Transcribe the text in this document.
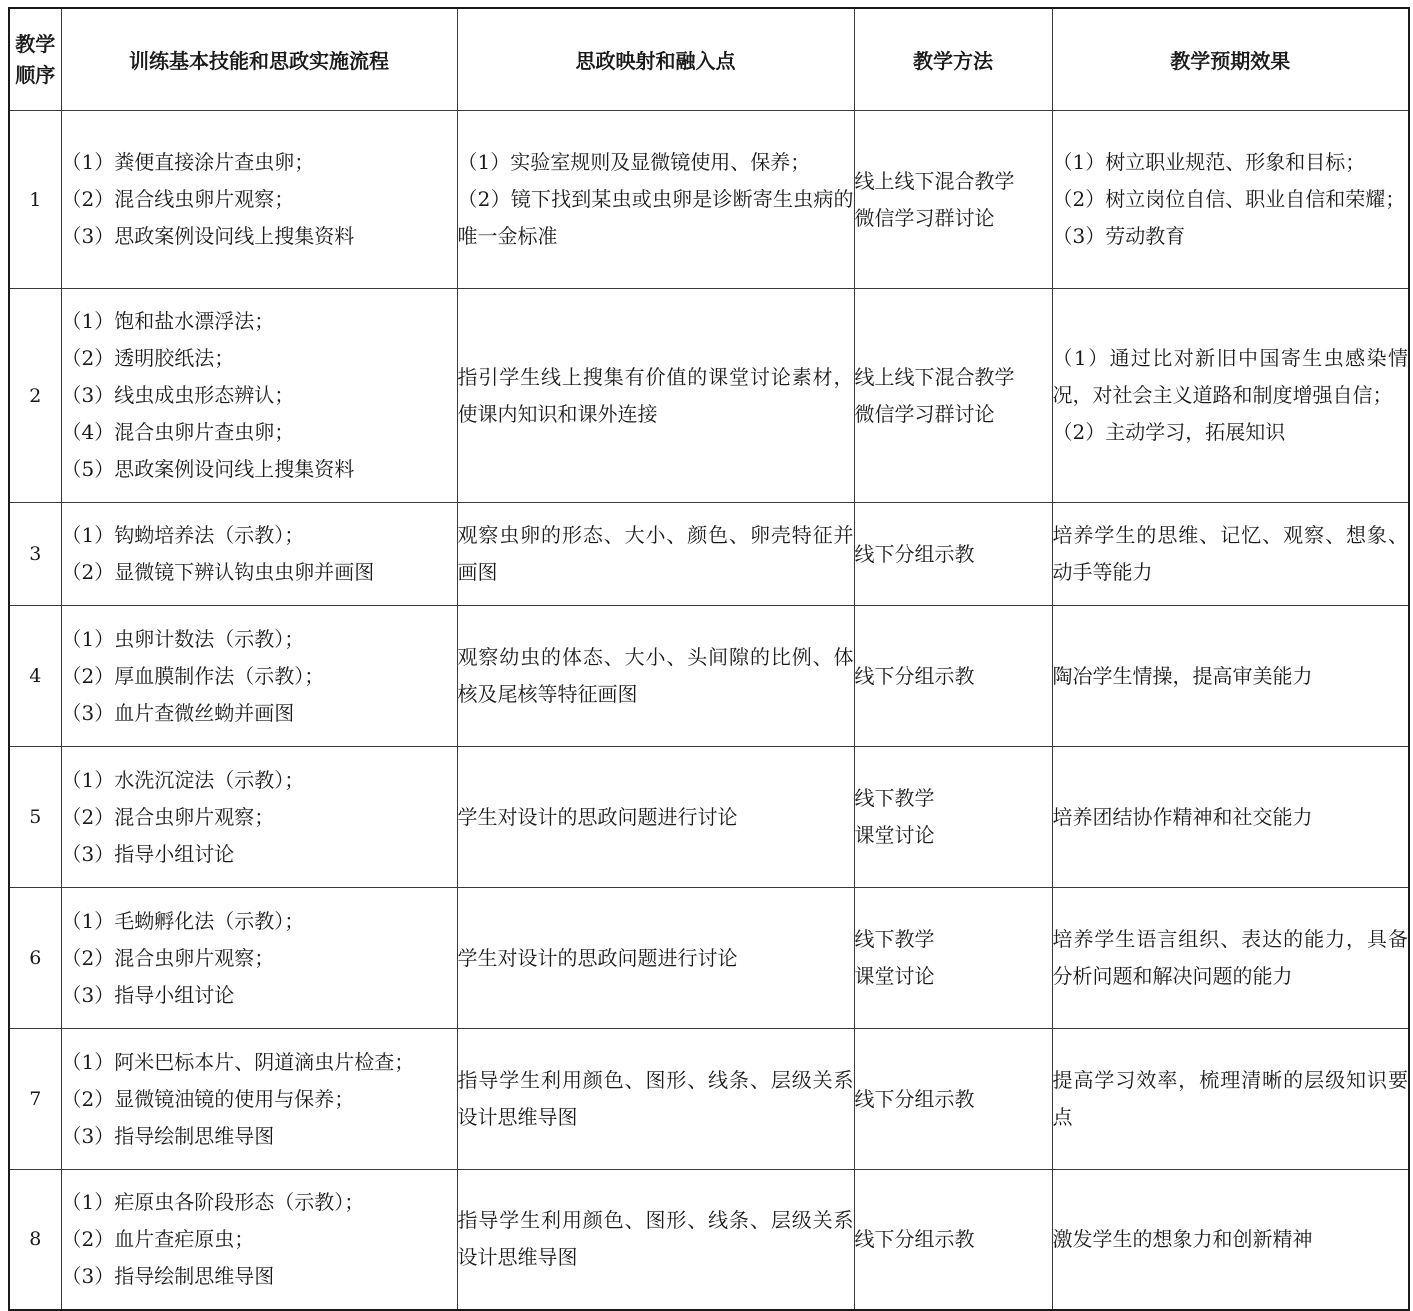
教学
顺序	训练基本技能和思政实施流程	思政映射和融入点	教学方法	教学预期效果
1	（1）粪便直接涂片查虫卵；
（2）混合线虫卵片观察；
（3）思政案例设问线上搜集资料	（1）实验室规则及显微镜使用、保养；
（2）镜下找到某虫或虫卵是诊断寄生虫病的唯一金标准	线上线下混合教学
微信学习群讨论	（1）树立职业规范、形象和目标；
（2）树立岗位自信、职业自信和荣耀；
（3）劳动教育

2	（1）饱和盐水漂浮法；
（2）透明胶纸法；
（3）线虫成虫形态辨认；
（4）混合虫卵片查虫卵；
（5）思政案例设问线上搜集资料	指引学生线上搜集有价值的课堂讨论素材，使课内知识和课外连接	线上线下混合教学
微信学习群讨论	（1）通过比对新旧中国寄生虫感染情况，对社会主义道路和制度增强自信；
（2）主动学习，拓展知识

3	（1）钩蚴培养法（示教）；
（2）显微镜下辨认钩虫虫卵并画图	观察虫卵的形态、大小、颜色、卵壳特征并画图	线下分组示教	培养学生的思维、记忆、观察、想象、动手等能力

4	（1）虫卵计数法（示教）；
（2）厚血膜制作法（示教）；
（3）血片查微丝蚴并画图	观察幼虫的体态、大小、头间隙的比例、体核及尾核等特征画图	线下分组示教	陶冶学生情操，提高审美能力

5	（1）水洗沉淀法（示教）；
（2）混合虫卵片观察；
（3）指导小组讨论	学生对设计的思政问题进行讨论	线下教学
课堂讨论	培养团结协作精神和社交能力

6	（1）毛蚴孵化法（示教）；
（2）混合虫卵片观察；
（3）指导小组讨论	学生对设计的思政问题进行讨论	线下教学
课堂讨论	培养学生语言组织、表达的能力，具备分析问题和解决问题的能力

7	（1）阿米巴标本片、阴道滴虫片检查；
（2）显微镜油镜的使用与保养；
（3）指导绘制思维导图	指导学生利用颜色、图形、线条、层级关系设计思维导图	线下分组示教	提高学习效率，梳理清晰的层级知识要点

8	（1）疟原虫各阶段形态（示教）；
（2）血片查疟原虫；
（3）指导绘制思维导图	指导学生利用颜色、图形、线条、层级关系设计思维导图	线下分组示教	激发学生的想象力和创新精神
